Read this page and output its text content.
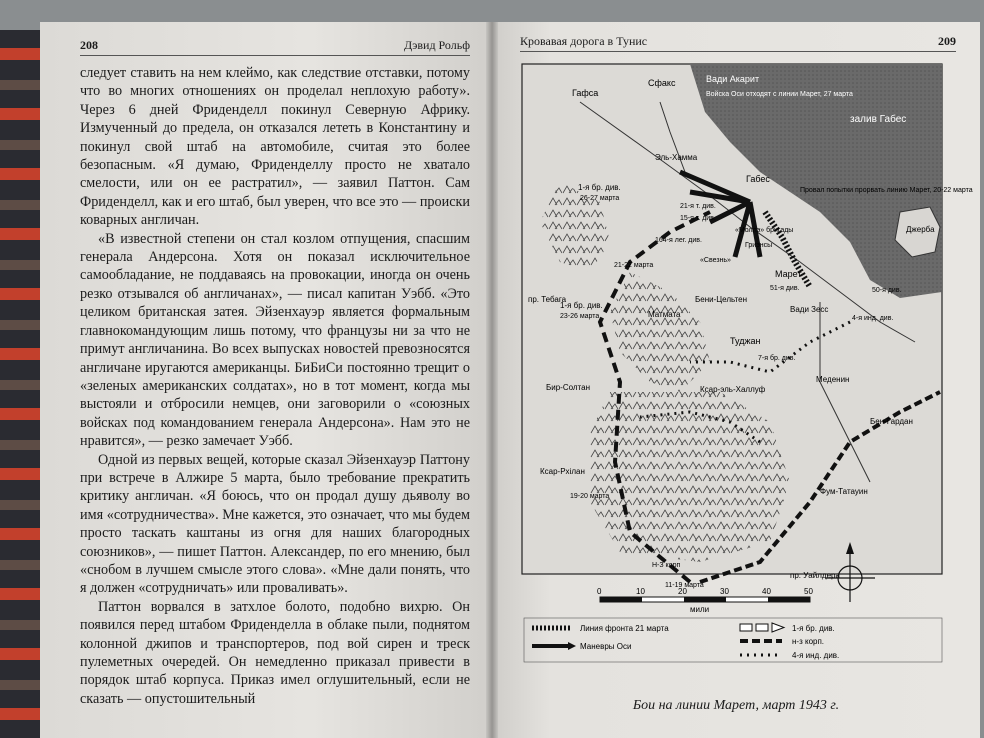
208	Дэвид Рольф

следует ставить на нем клеймо, как следствие отставки, потому что во многих отношениях он проделал неплохую работу». Через 6 дней Фриденделл покинул Северную Африку. Измученный до предела, он отказался лететь в Константину и покинул свой штаб на автомобиле, считая это более безопасным. «Я думаю, Фриденделлу просто не хватало смелости, или он ее растратил», — заявил Паттон. Сам Фриденделл, как и его штаб, был уверен, что все это — происки коварных англичан.

«В известной степени он стал козлом отпущения, спасшим генерала Андерсона. Хотя он показал исключительное самообладание, не поддаваясь на провокации, иногда он очень резко отзывался об англичанах», — писал капитан Уэбб. «Это целиком британская затея. Эйзенхауэр является формальным главнокомандующим лишь потому, что французы ни за что не примут англичанина. Во всех выпусках новостей превозносятся англичане иругаются американцы. БиБиСи постоянно трещит о «зеленых американских солдатах», но в тот момент, когда мы выстояли и отбросили немцев, они заговорили о «союзных войсках под командованием генерала Андерсона». Нам это не нравится», — резко замечает Уэбб.

Одной из первых вещей, которые сказал Эйзенхауэр Паттону при встрече в Алжире 5 марта, было требование прекратить критику англичан. «Я боюсь, что он продал душу дьяволу во имя «сотрудничества». Мне кажется, это означает, что мы будем просто таскать каштаны из огня для наших благородных союзников», — пишет Паттон. Александер, по его мнению, был «снобом в лучшем смысле этого слова». «Мне дали понять, что я должен «сотрудничать» или проваливать».

Паттон ворвался в затхлое болото, подобно вихрю. Он появился перед штабом Фриденделла в облаке пыли, поднятом колонной джипов и транспортеров, под вой сирен и треск пулеметных очередей. Он немедленно приказал привести в порядок штаб корпуса. Приказ имел оглушительный, если не сказать — опустошительный

Кровавая дорога в Тунис	209
Гафса
Сфакс	Вади Акарит
залив Габес
Джерба
Эль-Хамма
Габес
Марет
Бени-Цельтен
Вади Зесс
Матмата
пр. Тебага
Туджан
Меденин
Бир-Солтан	Ксар-эль-Халлуф
Бен-Гардан
Ксар-Рхілан
Фум-Татауин
пр. Уайлдера
Войска Оси отходят с линии Марет, 27 марта
Провал попытки прорвать линию Марет, 20-22 марта
1-я бр. див.
26-27 марта
164-я лег. див.
15-я т. див.
21-я т. див.
«Свезнь»
Гриэнсы
«Моллэ» бригады
21-22 марта
1-я бр. див.
23-26 марта	4-я инд. див.
50-я див.
51-я див.
7-я бр. див.
19-20 марта
Н-З корп
11-19 марта
0	10	20	30	40	50
мили
Линия фронта 21 марта
Маневры Оси
1-я бр. див.
н-з корп.
4-я инд. див.
Бои на линии Марет, март 1943 г.
